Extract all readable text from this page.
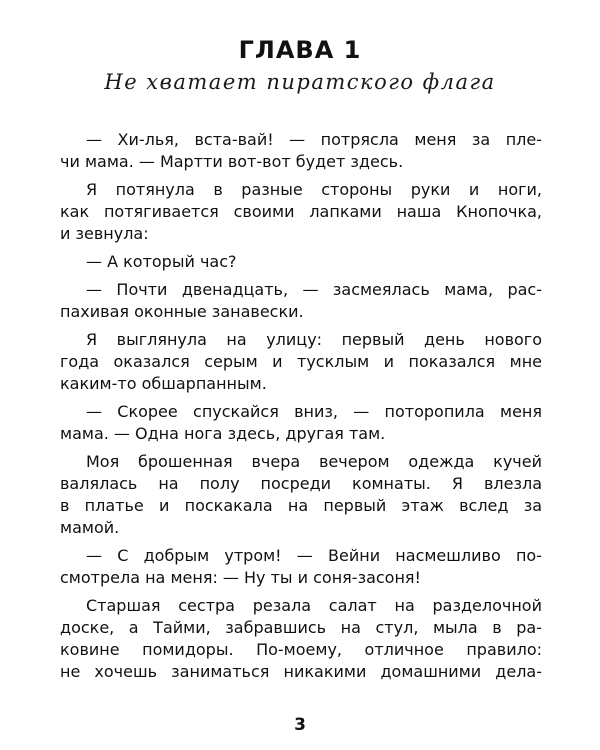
ГЛАВА 1
Не хватает пиратского флага
— Хи-лья, вста-вай! — потрясла меня за пле-
чи мама. — Мартти вот-вот будет здесь.
Я потянула в разные стороны руки и ноги,
как потягивается своими лапками наша Кнопочка,
и зевнула:
— А который час?
— Почти двенадцать, — засмеялась мама, рас-
пахивая оконные занавески.
Я выглянула на улицу: первый день нового
года оказался серым и тусклым и показался мне
каким-то обшарпанным.
— Скорее спускайся вниз, — поторопила меня
мама. — Одна нога здесь, другая там.
Моя брошенная вчера вечером одежда кучей
валялась на полу посреди комнаты. Я влезла
в платье и поскакала на первый этаж вслед за
мамой.
— С добрым утром! — Вейни насмешливо по-
смотрела на меня: — Ну ты и соня-засоня!
Старшая сестра резала салат на разделочной
доске, а Тайми, забравшись на стул, мыла в ра-
ковине помидоры. По-моему, отличное правило:
не хочешь заниматься никакими домашними дела-
3
